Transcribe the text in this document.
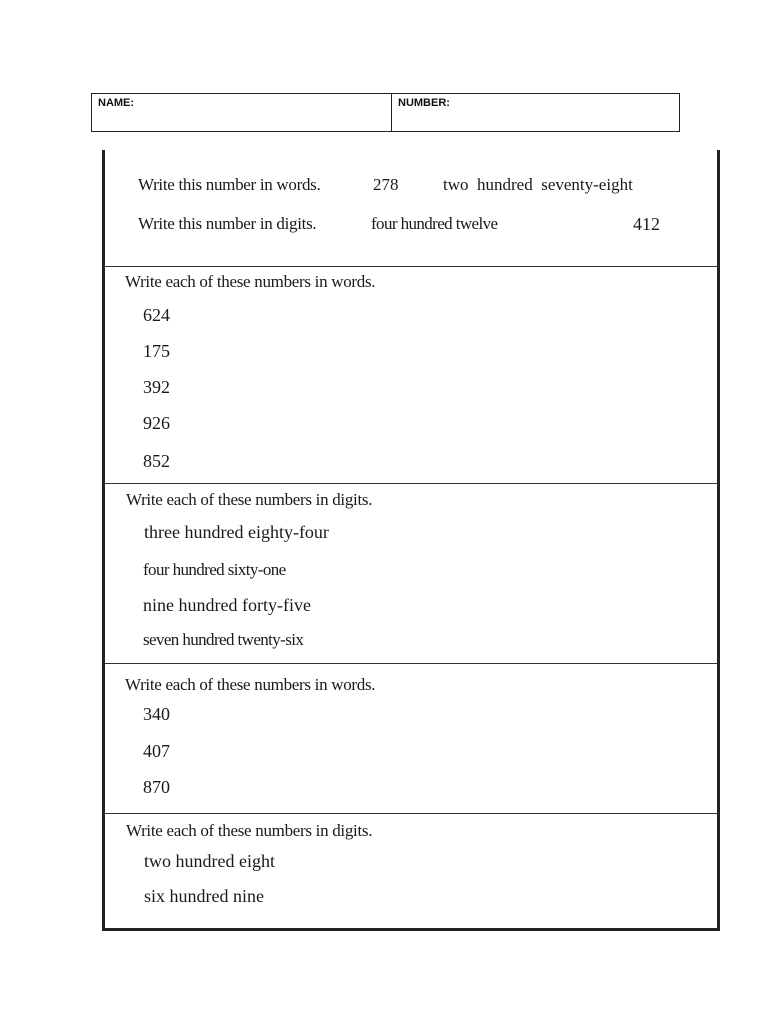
NAME:	NUMBER:
Write this number in words.	278	two  hundred  seventy-eight
Write this number in digits.	four hundred twelve	412
Write each of these numbers in words.
624
175
392
926
852
Write each of these numbers in digits.
three hundred eighty-four
four hundred sixty-one
nine hundred forty-five
seven hundred twenty-six
Write each of these numbers in words.
340
407
870
Write each of these numbers in digits.
two hundred eight
six hundred nine
